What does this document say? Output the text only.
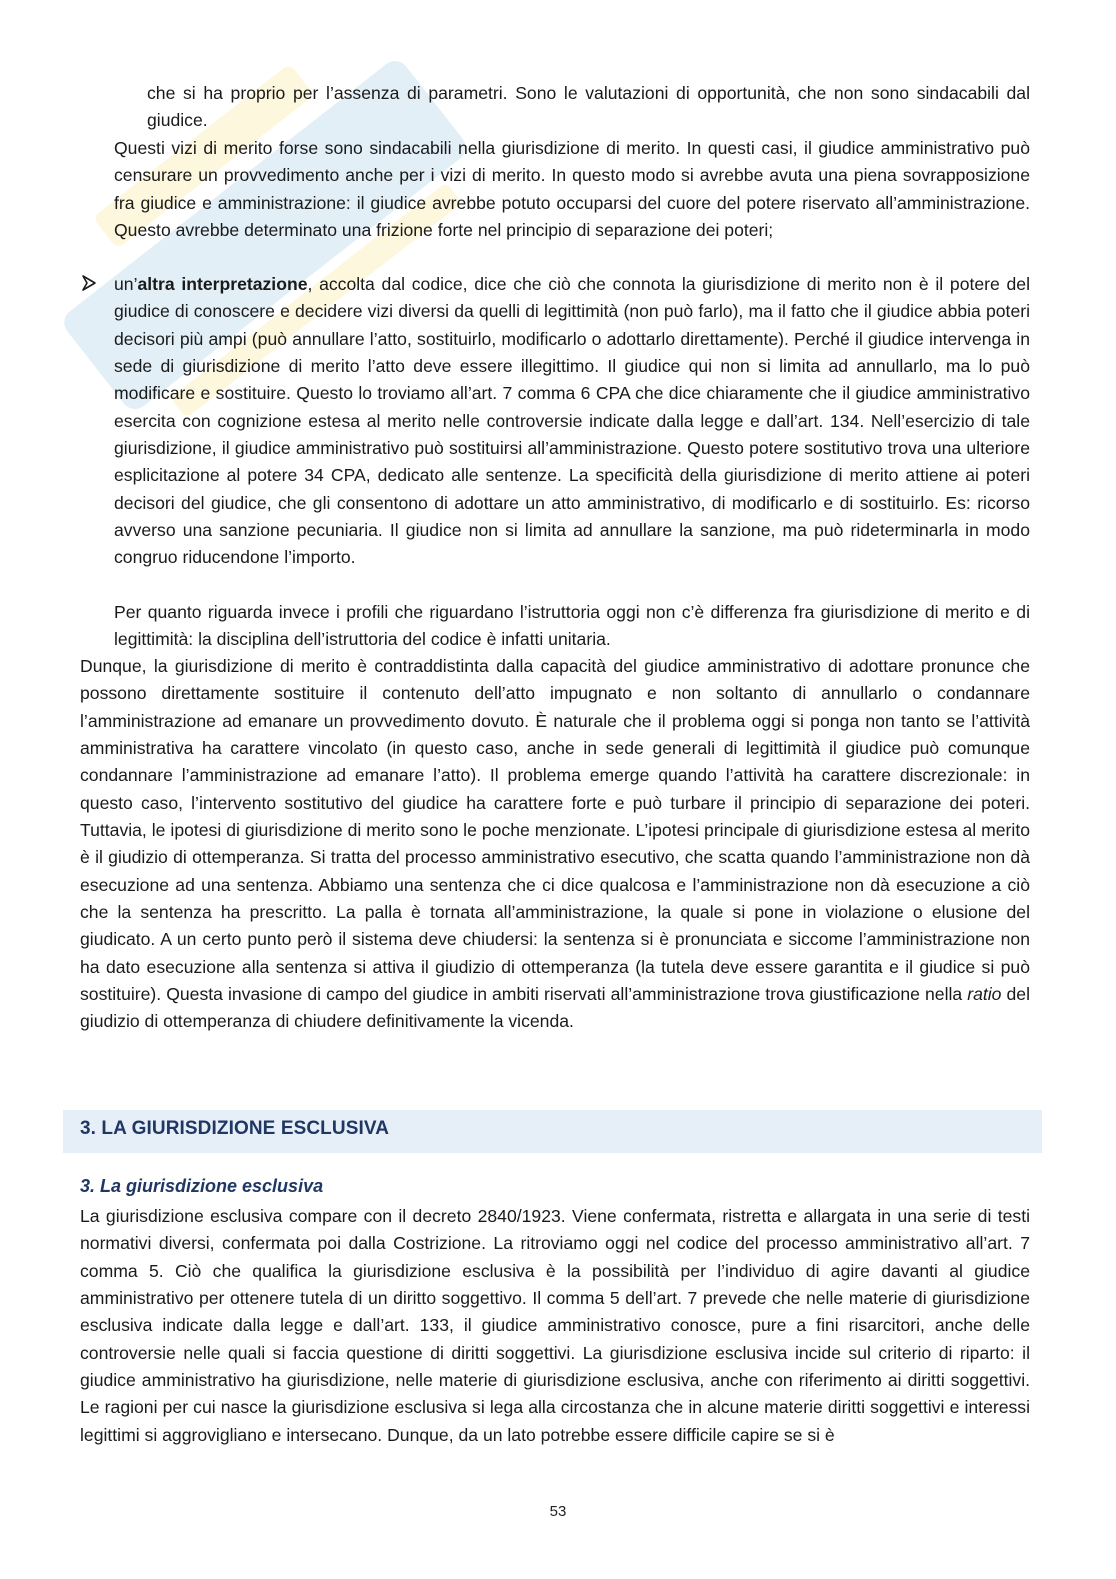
che si ha proprio per l’assenza di parametri. Sono le valutazioni di opportunità, che non sono sindacabili dal giudice.

Questi vizi di merito forse sono sindacabili nella giurisdizione di merito. In questi casi, il giudice amministrativo può censurare un provvedimento anche per i vizi di merito. In questo modo si avrebbe avuta una piena sovrapposizione fra giudice e amministrazione: il giudice avrebbe potuto occuparsi del cuore del potere riservato all’amministrazione. Questo avrebbe determinato una frizione forte nel principio di separazione dei poteri;

un’altra interpretazione, accolta dal codice, dice che ciò che connota la giurisdizione di merito non è il potere del giudice di conoscere e decidere vizi diversi da quelli di legittimità (non può farlo), ma il fatto che il giudice abbia poteri decisori più ampi (può annullare l’atto, sostituirlo, modificarlo o adottarlo direttamente). Perché il giudice intervenga in sede di giurisdizione di merito l’atto deve essere illegittimo. Il giudice qui non si limita ad annullarlo, ma lo può modificare e sostituire. Questo lo troviamo all’art. 7 comma 6 CPA che dice chiaramente che il giudice amministrativo esercita con cognizione estesa al merito nelle controversie indicate dalla legge e dall’art. 134. Nell’esercizio di tale giurisdizione, il giudice amministrativo può sostituirsi all’amministrazione. Questo potere sostitutivo trova una ulteriore esplicitazione al potere 34 CPA, dedicato alle sentenze. La specificità della giurisdizione di merito attiene ai poteri decisori del giudice, che gli consentono di adottare un atto amministrativo, di modificarlo e di sostituirlo. Es: ricorso avverso una sanzione pecuniaria. Il giudice non si limita ad annullare la sanzione, ma può rideterminarla in modo congruo riducendone l’importo.

Per quanto riguarda invece i profili che riguardano l’istruttoria oggi non c’è differenza fra giurisdizione di merito e di legittimità: la disciplina dell’istruttoria del codice è infatti unitaria.

Dunque, la giurisdizione di merito è contraddistinta dalla capacità del giudice amministrativo di adottare pronunce che possono direttamente sostituire il contenuto dell’atto impugnato e non soltanto di annullarlo o condannare l’amministrazione ad emanare un provvedimento dovuto. È naturale che il problema oggi si ponga non tanto se l’attività amministrativa ha carattere vincolato (in questo caso, anche in sede generali di legittimità il giudice può comunque condannare l’amministrazione ad emanare l’atto). Il problema emerge quando l’attività ha carattere discrezionale: in questo caso, l’intervento sostitutivo del giudice ha carattere forte e può turbare il principio di separazione dei poteri. Tuttavia, le ipotesi di giurisdizione di merito sono le poche menzionate. L’ipotesi principale di giurisdizione estesa al merito è il giudizio di ottemperanza. Si tratta del processo amministrativo esecutivo, che scatta quando l’amministrazione non dà esecuzione ad una sentenza. Abbiamo una sentenza che ci dice qualcosa e l’amministrazione non dà esecuzione a ciò che la sentenza ha prescritto. La palla è tornata all’amministrazione, la quale si pone in violazione o elusione del giudicato. A un certo punto però il sistema deve chiudersi: la sentenza si è pronunciata e siccome l’amministrazione non ha dato esecuzione alla sentenza si attiva il giudizio di ottemperanza (la tutela deve essere garantita e il giudice si può sostituire). Questa invasione di campo del giudice in ambiti riservati all’amministrazione trova giustificazione nella ratio del giudizio di ottemperanza di chiudere definitivamente la vicenda.

3. LA GIURISDIZIONE ESCLUSIVA
3. La giurisdizione esclusiva

La giurisdizione esclusiva compare con il decreto 2840/1923. Viene confermata, ristretta e allargata in una serie di testi normativi diversi, confermata poi dalla Costrizione. La ritroviamo oggi nel codice del processo amministrativo all’art. 7 comma 5. Ciò che qualifica la giurisdizione esclusiva è la possibilità per l’individuo di agire davanti al giudice amministrativo per ottenere tutela di un diritto soggettivo. Il comma 5 dell’art. 7 prevede che nelle materie di giurisdizione esclusiva indicate dalla legge e dall’art. 133, il giudice amministrativo conosce, pure a fini risarcitori, anche delle controversie nelle quali si faccia questione di diritti soggettivi. La giurisdizione esclusiva incide sul criterio di riparto: il giudice amministrativo ha giurisdizione, nelle materie di giurisdizione esclusiva, anche con riferimento ai diritti soggettivi. Le ragioni per cui nasce la giurisdizione esclusiva si lega alla circostanza che in alcune materie diritti soggettivi e interessi legittimi si aggrovigliano e intersecano. Dunque, da un lato potrebbe essere difficile capire se si è

53
